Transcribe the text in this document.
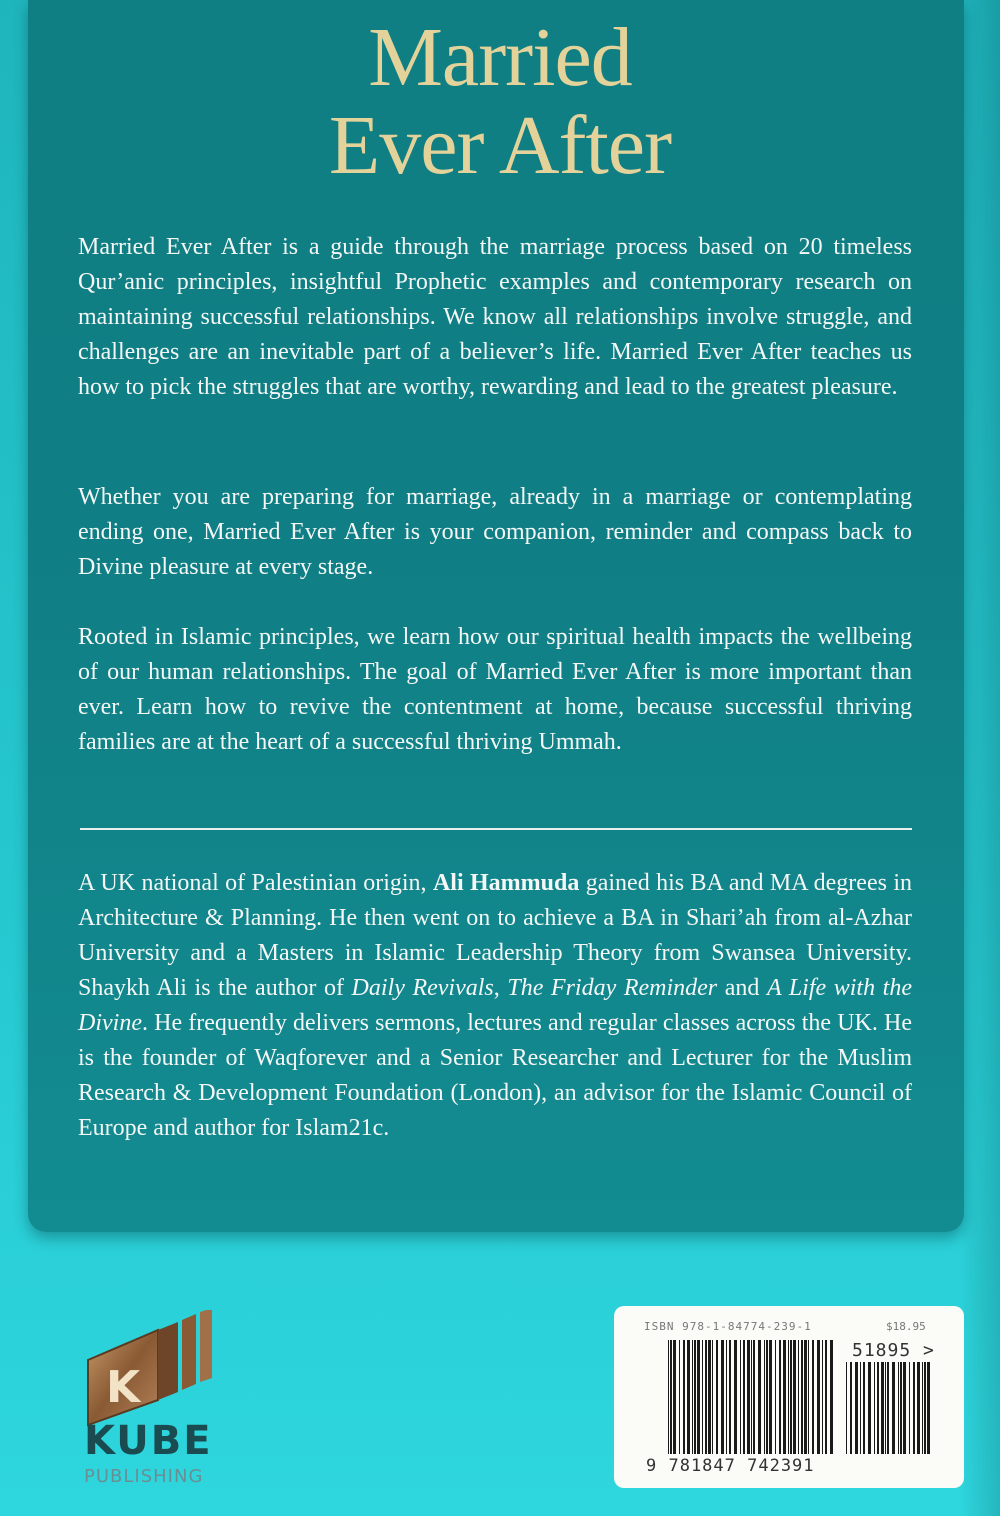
Married
Ever After

Married Ever After is a guide through the marriage process based on 20 timeless Qur’anic principles, insightful Prophetic examples and contemporary research on maintaining successful relationships. We know all relationships involve struggle, and challenges are an inevitable part of a believer’s life. Married Ever After teaches us how to pick the struggles that are worthy, rewarding and lead to the greatest pleasure.

Whether you are preparing for marriage, already in a marriage or contemplating ending one, Married Ever After is your companion, reminder and compass back to Divine pleasure at every stage.

Rooted in Islamic principles, we learn how our spiritual health impacts the wellbeing of our human relationships. The goal of Married Ever After is more important than ever. Learn how to revive the contentment at home, because successful thriving families are at the heart of a successful thriving Ummah.

A UK national of Palestinian origin, Ali Hammuda gained his BA and MA degrees in Architecture & Planning. He then went on to achieve a BA in Shari’ah from al-Azhar University and a Masters in Islamic Leadership Theory from Swansea University. Shaykh Ali is the author of Daily Revivals, The Friday Reminder and A Life with the Divine. He frequently delivers sermons, lectures and regular classes across the UK. He is the founder of Waqforever and a Senior Researcher and Lecturer for the Muslim Research & Development Foundation (London), an advisor for the Islamic Council of Europe and author for Islam21c.

K
KUBE
PUBLISHING
ISBN 978-1-84774-239-1	$18.95
51895 >
9 781847 742391
